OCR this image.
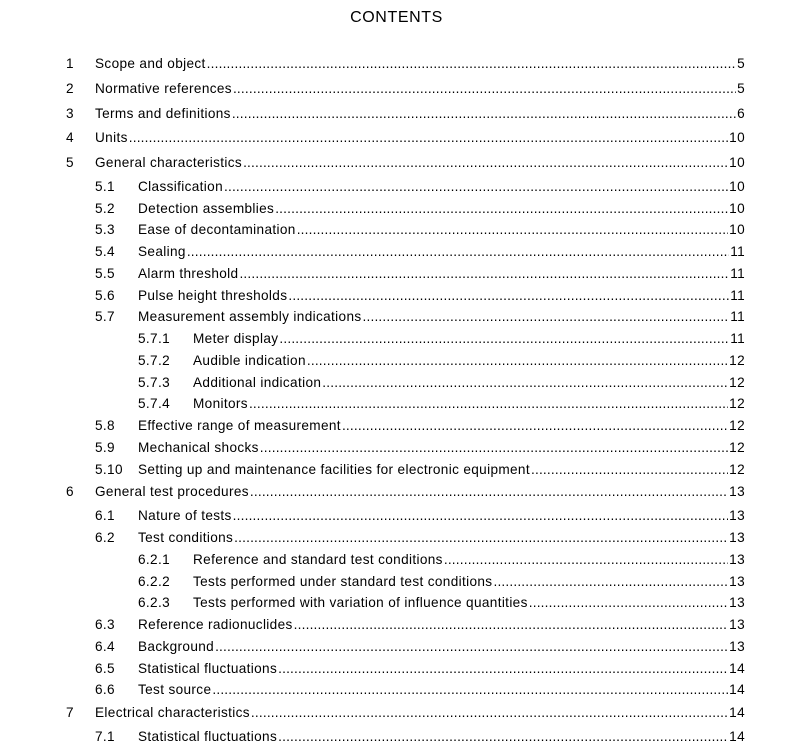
CONTENTS
1	Scope and object .....	5
2	Normative references .....	5
3	Terms and definitions .....	6
4	Units .....	10
5	General characteristics .....	10
5.1	Classification .....	10
5.2	Detection assemblies .....	10
5.3	Ease of decontamination .....	10
5.4	Sealing .....	11
5.5	Alarm threshold .....	11
5.6	Pulse height thresholds .....	11
5.7	Measurement assembly indications .....	11
5.7.1	Meter display .....	11
5.7.2	Audible indication .....	12
5.7.3	Additional indication .....	12
5.7.4	Monitors .....	12
5.8	Effective range of measurement .....	12
5.9	Mechanical shocks .....	12
5.10	Setting up and maintenance facilities for electronic equipment .....	12
6	General test procedures .....	13
6.1	Nature of tests .....	13
6.2	Test conditions .....	13
6.2.1	Reference and standard test conditions .....	13
6.2.2	Tests performed under standard test conditions .....	13
6.2.3	Tests performed with variation of influence quantities .....	13
6.3	Reference radionuclides .....	13
6.4	Background .....	13
6.5	Statistical fluctuations .....	14
6.6	Test source .....	14
7	Electrical characteristics .....	14
7.1	Statistical fluctuations .....	14
